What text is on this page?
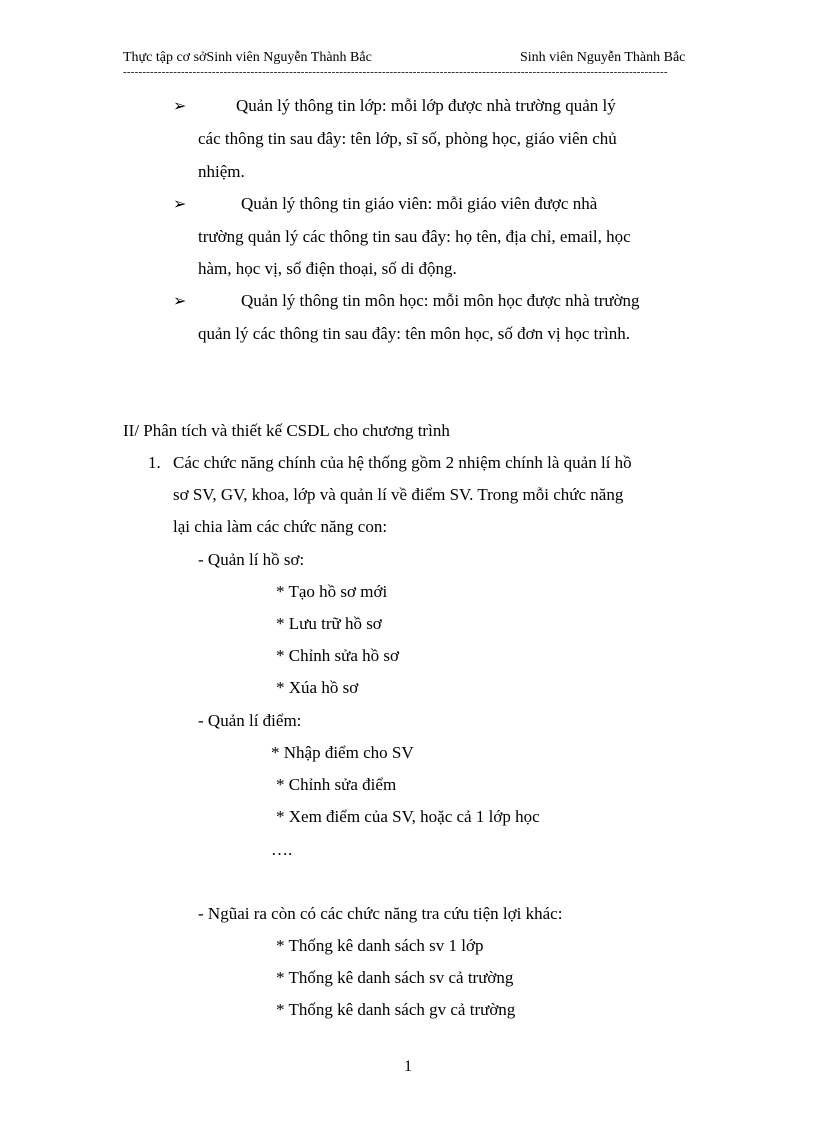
Thực tập cơ sởSinh viên Nguyễn Thành Bắc	Sinh viên Nguyễn Thành Bắc
---------------------------------------------------------------------------------------------------------------------------------------------
➢	Quản lý thông tin lớp: mỗi lớp được nhà trường quản lý
các thông tin sau đây: tên lớp, sĩ số, phòng học, giáo viên chủ
nhiệm.
➢	Quản lý thông tin giáo viên: mỗi giáo viên được nhà
trường quản lý các thông tin sau đây: họ tên, địa chỉ, email, học
hàm, học vị, số điện thoại, số di động.
➢	Quản lý thông tin môn học: mỗi môn học được nhà trường
quản lý các thông tin sau đây: tên môn học, số đơn vị học trình.
II/ Phân tích và thiết kế CSDL cho chương trình
1. Các chức năng chính của hệ thống gồm 2 nhiệm chính là quản lí hồ
sơ SV, GV, khoa, lớp và quản lí về điểm SV. Trong mỗi chức năng
lại chia làm các chức năng con:
- Quản lí hồ sơ:
* Tạo hồ sơ mới
* Lưu trữ hồ sơ
* Chỉnh sửa hồ sơ
* Xúa hồ sơ
- Quản lí điểm:
* Nhập điểm cho SV
* Chỉnh sửa điểm
* Xem điểm của SV, hoặc cả 1 lớp học
….
- Ngũai ra còn có các chức năng tra cứu tiện lợi khác:
* Thống kê danh sách sv 1 lớp
* Thống kê danh sách sv cả trường
* Thống kê danh sách gv cả trường
1
